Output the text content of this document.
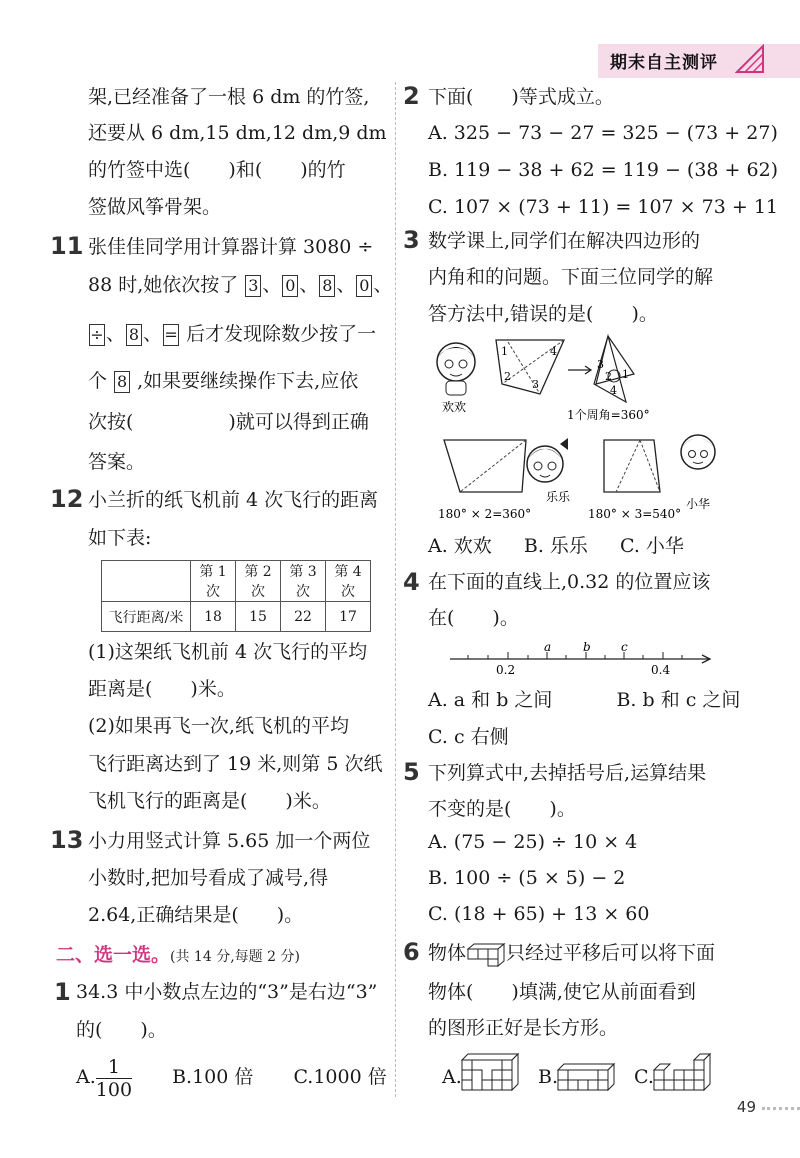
期末自主测评
架,已经准备了一根 6 dm 的竹签,
还要从 6 dm,15 dm,12 dm,9 dm
的竹签中选(　　)和(　　)的竹
签做风筝骨架。
11 张佳佳同学用计算器计算 3080 ÷
88 时,她依次按了 3 、 0 、 8 、 0 、
÷ 、 8 、 = 后才发现除数少按了一
个 8 ,如果要继续操作下去,应依
次按(　　　　　)就可以得到正确
答案。
12 小兰折的纸飞机前 4 次飞行的距离
如下表:
	第 1 次	第 2 次	第 3 次	第 4 次
飞行距离/米	18	15	22	17
(1)这架纸飞机前 4 次飞行的平均
距离是(　　)米。
(2)如果再飞一次,纸飞机的平均
飞行距离达到了 19 米,则第 5 次纸
飞机飞行的距离是(　　)米。
13 小力用竖式计算 5.65 加一个两位
小数时,把加号看成了减号,得
2.64,正确结果是(　　)。
二、选一选。(共 14 分,每题 2 分)
1 34.3 中小数点左边的“3”是右边“3”
的(　　)。
A. $\frac{1}{100} B.100$ 倍 C.1000 倍
2 下面(　　)等式成立。
A. 325 − 73 − 27 = 325 − (73 + 27)
B. 119 − 38 + 62 = 119 − (38 + 62)
C. 107 × (73 + 11) = 107 × 73 + 11
3 数学课上,同学们在解决四边形的
内角和的问题。下面三位同学的解
答方法中,错误的是(　　)。
欢欢
1	4
2
3
3
2 1
4
1个周角=360°
乐乐
180° × 2=360°
小华
180° × 3=540°
A. 欢欢 B. 乐乐 C. 小华
4 在下面的直线上,0.32 的位置应该
在(　　)。
0.2	0.4
a	b	c
A. a 和 b 之间	B. b 和 c 之间
C. c 右侧
5 下列算式中,去掉括号后,运算结果
不变的是(　　)。
A. (75 − 25) ÷ 10 × 4
B. 100 ÷ (5 × 5) − 2
C. (18 + 65) + 13 × 60
6 物体 只经过平移后可以将下面
物体(　　)填满,使它从前面看到
的图形正好是长方形。
A.	B.	C.
49
